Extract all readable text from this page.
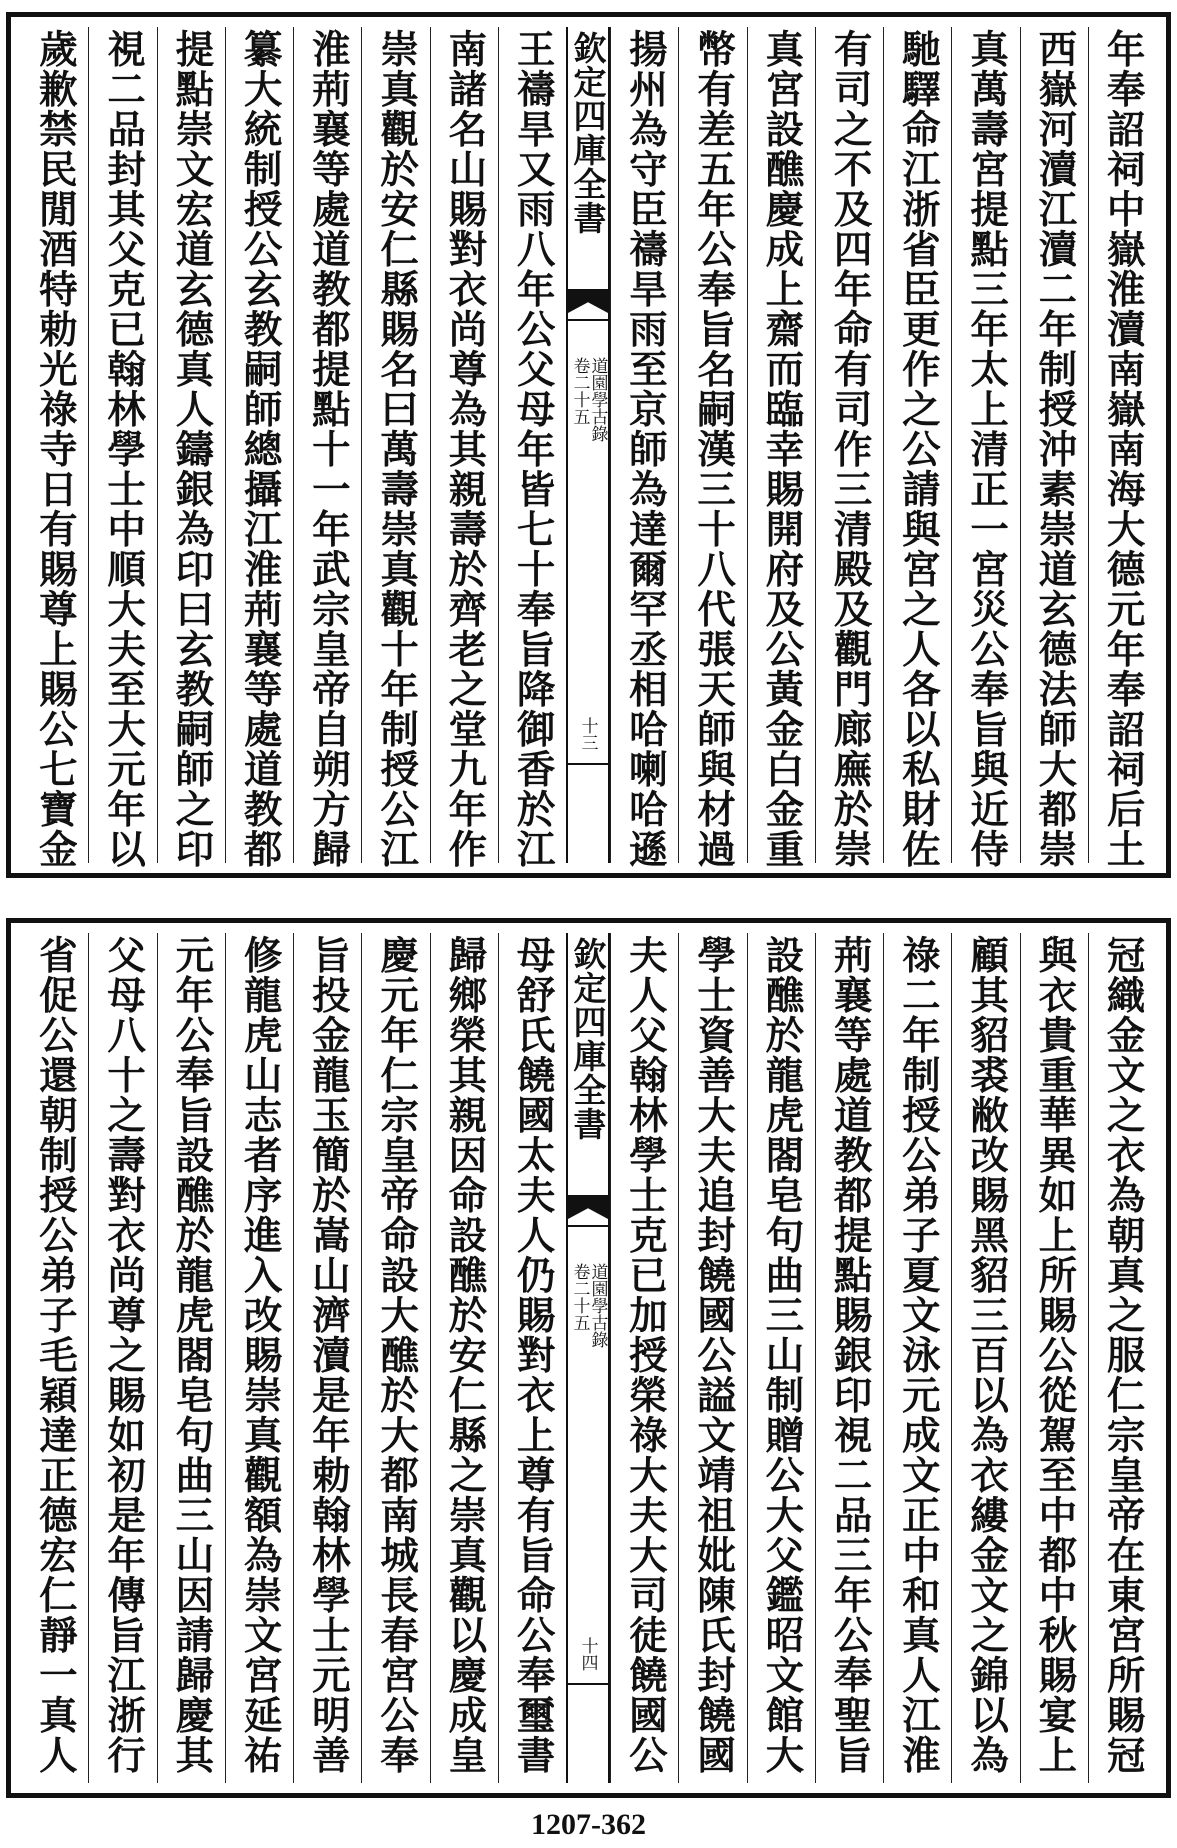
年奉詔祠中嶽淮瀆南嶽南海大德元年奉詔祠后土
西嶽河瀆江瀆二年制授沖素崇道玄德法師大都崇
真萬壽宮提點三年太上清正一宮災公奉旨與近侍
馳驛命江浙省臣更作之公請與宮之人各以私財佐
有司之不及四年命有司作三清殿及觀門廊廡於崇
真宮設醮慶成上齋而臨幸賜開府及公黃金白金重
幣有差五年公奉旨名嗣漢三十八代張天師與材過
揚州為守臣禱旱雨至京師為達爾罕丞相哈喇哈遜
欽定四庫全書
道園學古錄
卷二十五
十三
王禱旱又雨八年公父母年皆七十奉旨降御香於江
南諸名山賜對衣尚尊為其親壽於齊老之堂九年作
崇真觀於安仁縣賜名曰萬壽崇真觀十年制授公江
淮荊襄等處道教都提點十一年武宗皇帝自朔方歸
纂大統制授公玄教嗣師總攝江淮荊襄等處道教都
提點崇文宏道玄德真人鑄銀為印曰玄教嗣師之印
視二品封其父克已翰林學士中順大夫至大元年以
歲歉禁民閒酒特勅光祿寺日有賜尊上賜公七寶金
冠織金文之衣為朝真之服仁宗皇帝在東宮所賜冠
與衣貴重華異如上所賜公從駕至中都中秋賜宴上
顧其貂裘敝改賜黑貂三百以為衣縷金文之錦以為
祿二年制授公弟子夏文泳元成文正中和真人江淮
荊襄等處道教都提點賜銀印視二品三年公奉聖旨
設醮於龍虎閤皂句曲三山制贈公大父鑑昭文館大
學士資善大夫追封饒國公謚文靖祖妣陳氏封饒國
夫人父翰林學士克已加授榮祿大夫大司徒饒國公
欽定四庫全書
道園學古錄
卷二十五
十四
母舒氏饒國太夫人仍賜對衣上尊有旨命公奉璽書
歸鄉榮其親因命設醮於安仁縣之崇真觀以慶成皇
慶元年仁宗皇帝命設大醮於大都南城長春宮公奉
旨投金龍玉簡於嵩山濟瀆是年勅翰林學士元明善
修龍虎山志者序進入改賜崇真觀額為崇文宮延祐
元年公奉旨設醮於龍虎閤皂句曲三山因請歸慶其
父母八十之壽對衣尚尊之賜如初是年傳旨江浙行
省促公還朝制授公弟子毛穎達正德宏仁靜一真人
1207-362
